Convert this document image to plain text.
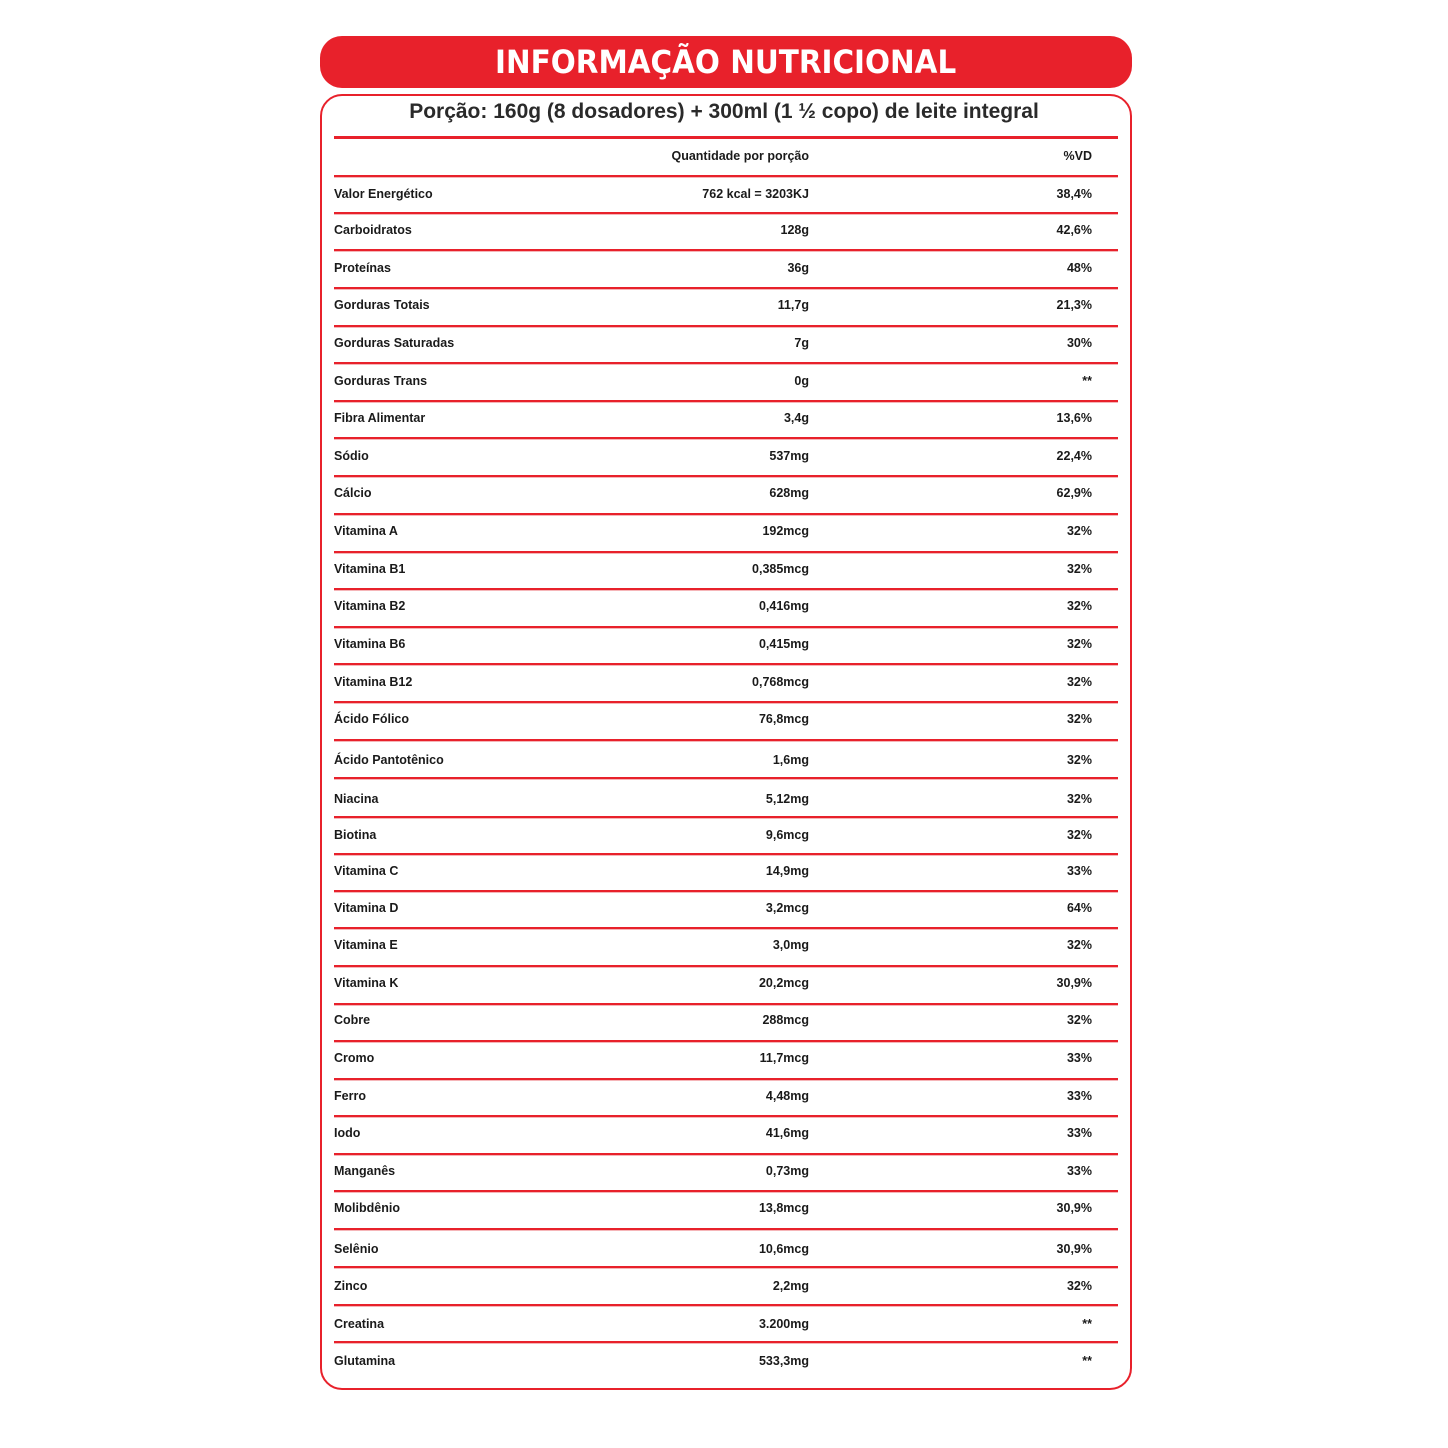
INFORMAÇÃO NUTRICIONAL
Porção: 160g (8 dosadores) + 300ml (1 ½ copo) de leite integral
Quantidade por porção	%VD
Valor Energético	762 kcal = 3203KJ	38,4%
Carboidratos	128g	42,6%
Proteínas	36g	48%
Gorduras Totais	11,7g	21,3%
Gorduras Saturadas	7g	30%
Gorduras Trans	0g	**
Fibra Alimentar	3,4g	13,6%
Sódio	537mg	22,4%
Cálcio	628mg	62,9%
Vitamina A	192mcg	32%
Vitamina B1	0,385mcg	32%
Vitamina B2	0,416mg	32%
Vitamina B6	0,415mg	32%
Vitamina B12	0,768mcg	32%
Ácido Fólico	76,8mcg	32%
Ácido Pantotênico	1,6mg	32%
Niacina	5,12mg	32%
Biotina	9,6mcg	32%
Vitamina C	14,9mg	33%
Vitamina D	3,2mcg	64%
Vitamina E	3,0mg	32%
Vitamina K	20,2mcg	30,9%
Cobre	288mcg	32%
Cromo	11,7mcg	33%
Ferro	4,48mg	33%
Iodo	41,6mg	33%
Manganês	0,73mg	33%
Molibdênio	13,8mcg	30,9%
Selênio	10,6mcg	30,9%
Zinco	2,2mg	32%
Creatina	3.200mg	**
Glutamina	533,3mg	**
